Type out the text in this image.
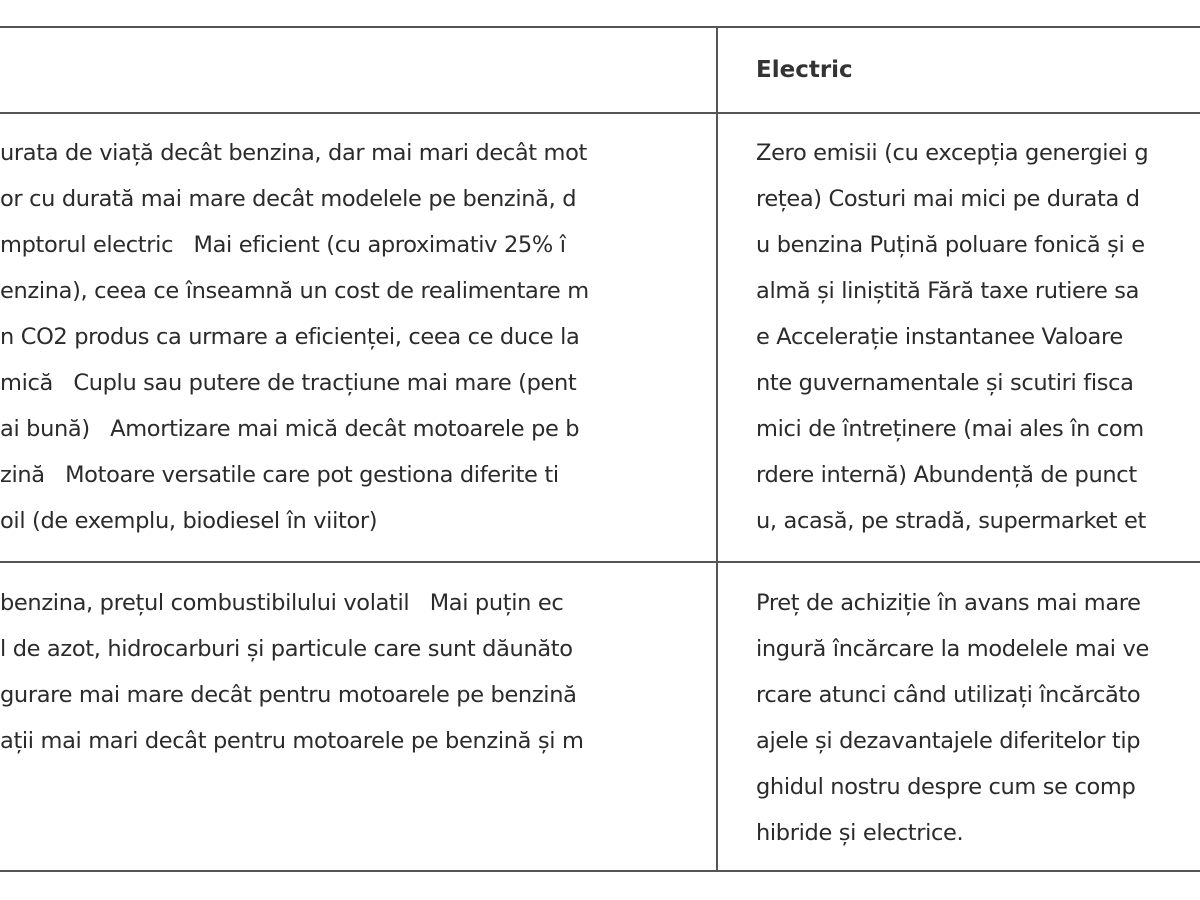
Electric
urata de viață decât benzina, dar mai mari decât mot
or cu durată mai mare decât modelele pe benzină, d
mptorul electric   Mai eficient (cu aproximativ 25% î
enzina), ceea ce înseamnă un cost de realimentare m
n CO2 produs ca urmare a eficienței, ceea ce duce la
mică   Cuplu sau putere de tracțiune mai mare (pent
ai bună)   Amortizare mai mică decât motoarele pe b
zină   Motoare versatile care pot gestiona diferite ti
oil (de exemplu, biodiesel în viitor)
Zero emisii (cu excepția genergiei g
rețea) Costuri mai mici pe durata d
u benzina Puțină poluare fonică și e
almă și liniștită Fără taxe rutiere sa
e Accelerație instantanee Valoare
nte guvernamentale și scutiri fisca
mici de întreținere (mai ales în com
rdere internă) Abundență de punct
u, acasă, pe stradă, supermarket et
benzina, prețul combustibilului volatil   Mai puțin ec
l de azot, hidrocarburi și particule care sunt dăunăto
gurare mai mare decât pentru motoarele pe benzină
ații mai mari decât pentru motoarele pe benzină și m
Preț de achiziție în avans mai mare
ingură încărcare la modelele mai ve
rcare atunci când utilizați încărcăto
ajele și dezavantajele diferitelor tip
ghidul nostru despre cum se comp
hibride și electrice.
